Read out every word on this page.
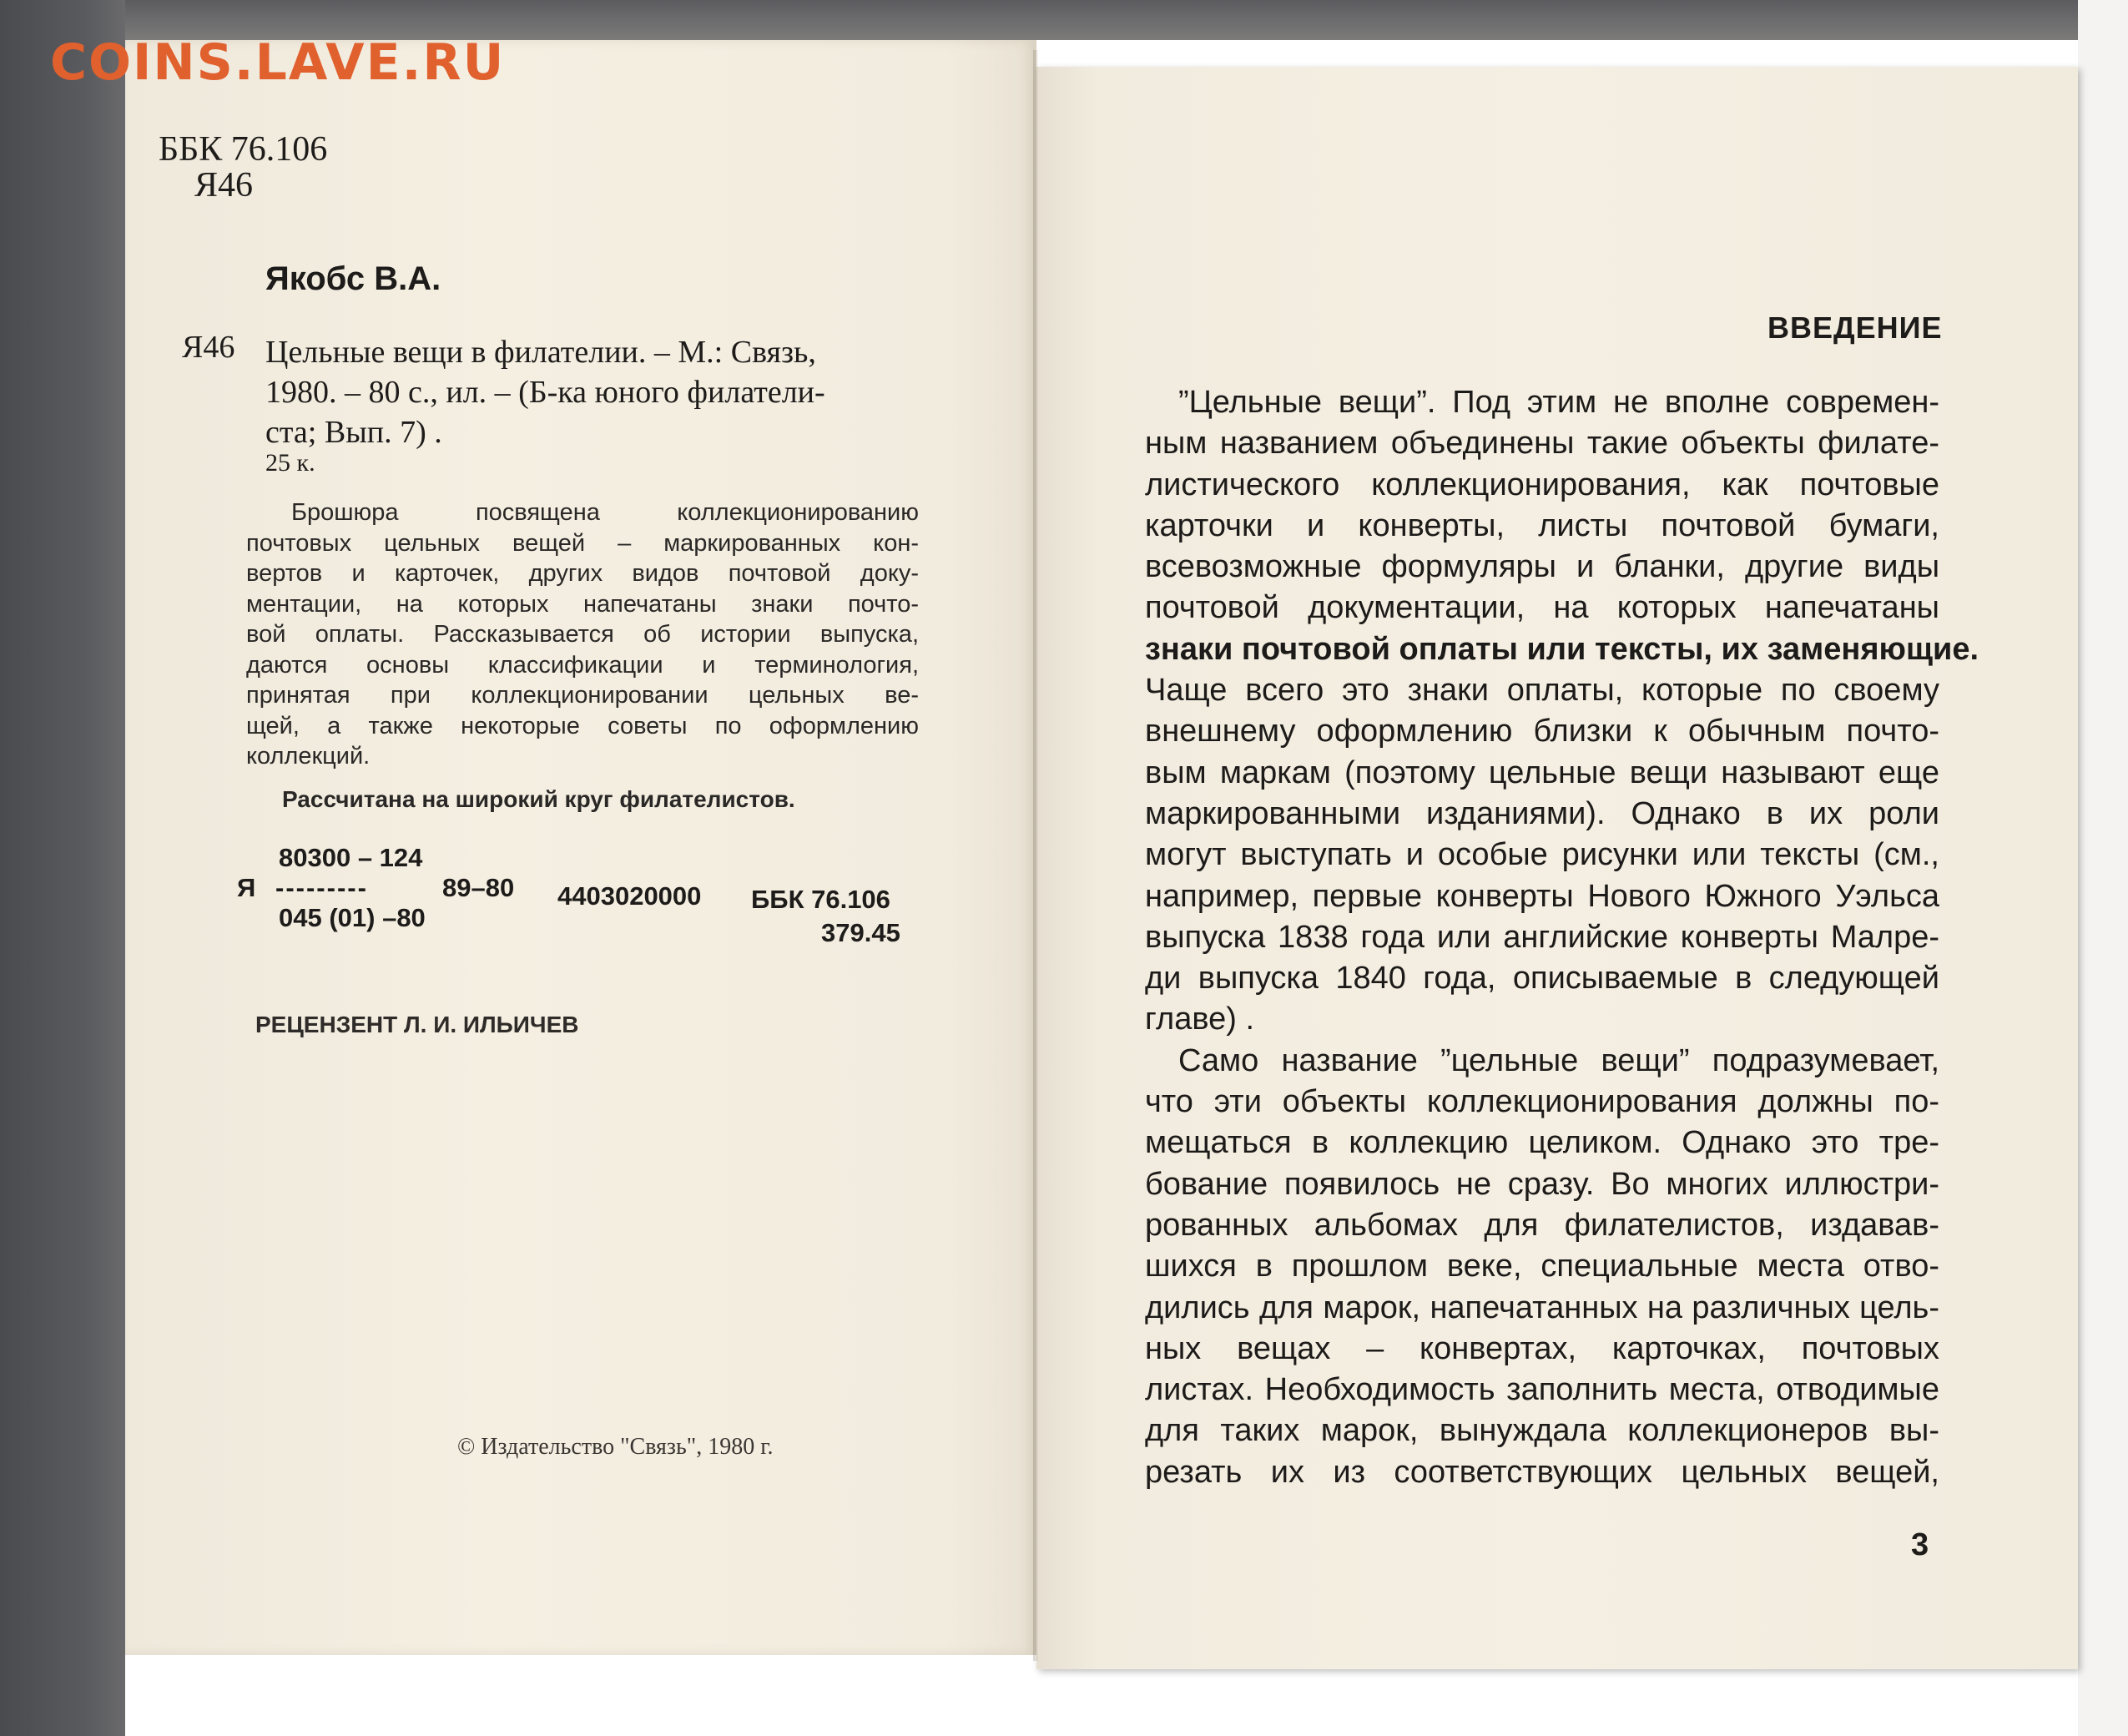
COINS.LAVE.RU
ББК 76.106
Я46
Якобс В.А.
Я46 Цельные вещи в филателии. – М.: Связь,
1980. – 80 с., ил. – (Б-ка юного филатели-
ста; Вып. 7) .
25 к.
Брошюра посвящена коллекционированию
почтовых цельных вещей – маркированных кон-
вертов и карточек, других видов почтовой доку-
ментации, на которых напечатаны знаки почто-
вой оплаты. Рассказывается об истории выпуска,
даются основы классификации и терминология,
принятая при коллекционировании цельных ве-
щей, а также некоторые советы по оформлению
коллекций.
Рассчитана на широкий круг филателистов.
80300 – 124
Я ---------	89–80 4403020000 ББК 76.106
045 (01) –80
379.45
РЕЦЕНЗЕНТ Л. И. ИЛЬИЧЕВ
© Издательство "Связь", 1980 г.
ВВЕДЕНИЕ
”Цельные вещи”. Под этим не вполне современ-
ным названием объединены такие объекты филате-
листического коллекционирования, как почтовые
карточки и конверты, листы почтовой бумаги,
всевозможные формуляры и бланки, другие виды
почтовой документации, на которых напечатаны
знаки почтовой оплаты или тексты, их заменяющие.
Чаще всего это знаки оплаты, которые по своему
внешнему оформлению близки к обычным почто-
вым маркам (поэтому цельные вещи называют еще
маркированными изданиями). Однако в их роли
могут выступать и особые рисунки или тексты (см.,
например, первые конверты Нового Южного Уэльса
выпуска 1838 года или английские конверты Малре-
ди выпуска 1840 года, описываемые в следующей
главе) .
Само название ”цельные вещи” подразумевает,
что эти объекты коллекционирования должны по-
мещаться в коллекцию целиком. Однако это тре-
бование появилось не сразу. Во многих иллюстри-
рованных альбомах для филателистов, издавав-
шихся в прошлом веке, специальные места отво-
дились для марок, напечатанных на различных цель-
ных вещах – конвертах, карточках, почтовых
листах. Необходимость заполнить места, отводимые
для таких марок, вынуждала коллекционеров вы-
резать их из соответствующих цельных вещей,
3
